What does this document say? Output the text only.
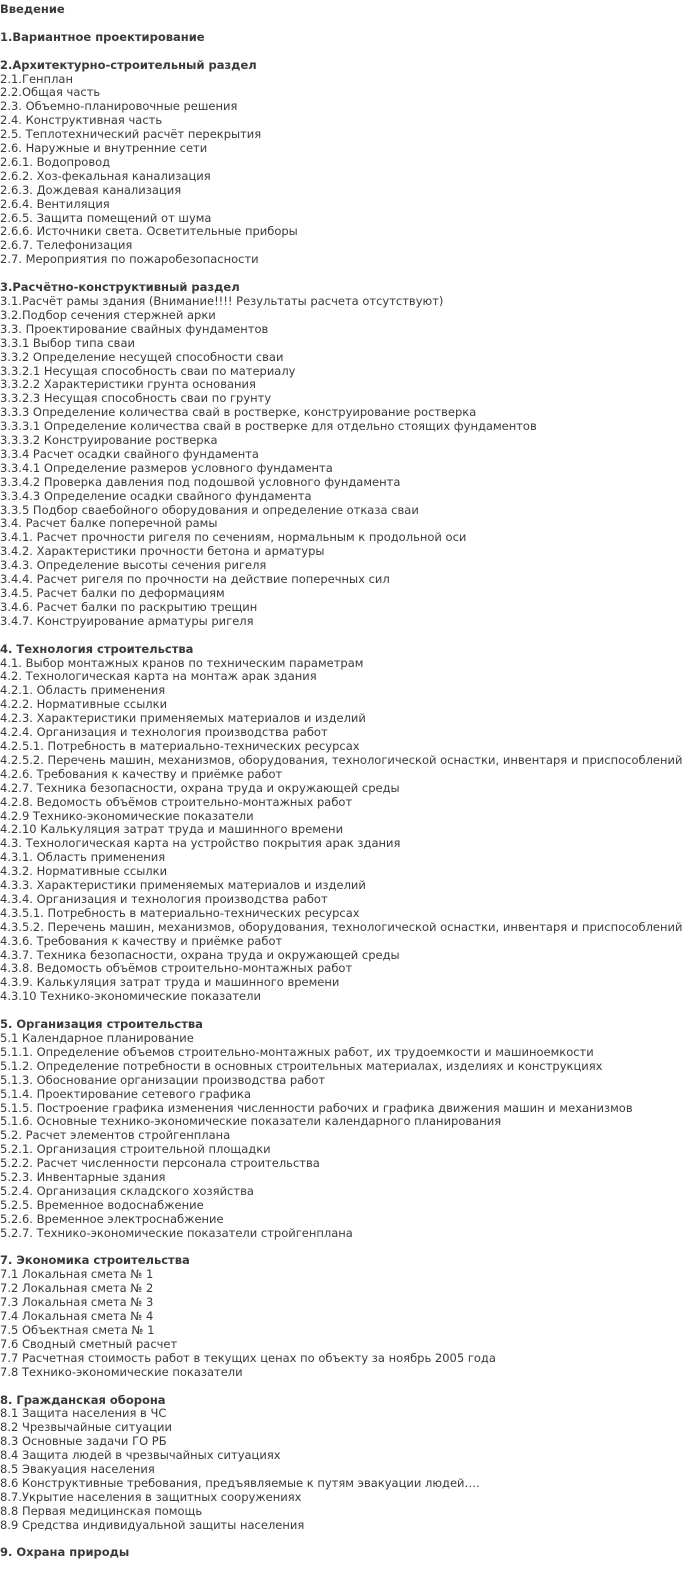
Введение
1.Вариантное проектирование
2.Архитектурно-строительный раздел
2.1.Генплан
2.2.Общая часть
2.3. Объемно-планировочные решения
2.4. Конструктивная часть
2.5. Теплотехнический расчёт перекрытия
2.6. Наружные и внутренние сети
2.6.1. Водопровод
2.6.2. Хоз-фекальная канализация
2.6.3. Дождевая канализация
2.6.4. Вентиляция
2.6.5. Защита помещений от шума
2.6.6. Источники света. Осветительные приборы
2.6.7. Телефонизация
2.7. Мероприятия по пожаробезопасности
3.Расчётно-конструктивный раздел
3.1.Расчёт рамы здания (Внимание!!!! Результаты расчета отсутствуют)
3.2.Подбор сечения стержней арки
3.3. Проектирование свайных фундаментов
3.3.1 Выбор типа сваи
3.3.2 Определение несущей способности сваи
3.3.2.1 Несущая способность сваи по материалу
3.3.2.2 Характеристики грунта основания
3.3.2.3 Несущая способность сваи по грунту
3.3.3 Определение количества свай в ростверке, конструирование ростверка
3.3.3.1 Определение количества свай в ростверке для отдельно стоящих фундаментов
3.3.3.2 Конструирование ростверка
3.3.4 Расчет осадки свайного фундамента
3.3.4.1 Определение размеров условного фундамента
3.3.4.2 Проверка давления под подошвой условного фундамента
3.3.4.3 Определение осадки свайного фундамента
3.3.5 Подбор сваебойного оборудования и определение отказа сваи
3.4. Расчет балке поперечной рамы
3.4.1. Расчет прочности ригеля по сечениям, нормальным к продольной оси
3.4.2. Характеристики прочности бетона и арматуры
3.4.3. Определение высоты сечения ригеля
3.4.4. Расчет ригеля по прочности на действие поперечных сил
3.4.5. Расчет балки по деформациям
3.4.6. Расчет балки по раскрытию трещин
3.4.7. Конструирование арматуры ригеля
4. Технология строительства
4.1. Выбор монтажных кранов по техническим параметрам
4.2. Технологическая карта на монтаж арак здания
4.2.1. Область применения
4.2.2. Нормативные ссылки
4.2.3. Характеристики применяемых материалов и изделий
4.2.4. Организация и технология производства работ
4.2.5.1. Потребность в материально-технических ресурсах
4.2.5.2. Перечень машин, механизмов, оборудования, технологической оснастки, инвентаря и приспособлений
4.2.6. Требования к качеству и приёмке работ
4.2.7. Техника безопасности, охрана труда и окружающей среды
4.2.8. Ведомость объёмов строительно-монтажных работ
4.2.9 Технико-экономические показатели
4.2.10 Калькуляция затрат труда и машинного времени
4.3. Технологическая карта на устройство покрытия арак здания
4.3.1. Область применения
4.3.2. Нормативные ссылки
4.3.3. Характеристики применяемых материалов и изделий
4.3.4. Организация и технология производства работ
4.3.5.1. Потребность в материально-технических ресурсах
4.3.5.2. Перечень машин, механизмов, оборудования, технологической оснастки, инвентаря и приспособлений
4.3.6. Требования к качеству и приёмке работ
4.3.7. Техника безопасности, охрана труда и окружающей среды
4.3.8. Ведомость объёмов строительно-монтажных работ
4.3.9. Калькуляция затрат труда и машинного времени
4.3.10 Технико-экономические показатели
5. Организация строительства
5.1 Календарное планирование
5.1.1. Определение объемов строительно-монтажных работ, их трудоемкости и машиноемкости
5.1.2. Определение потребности в основных строительных материалах, изделиях и конструкциях
5.1.3. Обоснование организации производства работ
5.1.4. Проектирование сетевого графика
5.1.5. Построение графика изменения численности рабочих и графика движения машин и механизмов
5.1.6. Основные технико-экономические показатели календарного планирования
5.2. Расчет элементов стройгенплана
5.2.1. Организация строительной площадки
5.2.2. Расчет численности персонала строительства
5.2.3. Инвентарные здания
5.2.4. Организация складского хозяйства
5.2.5. Временное водоснабжение
5.2.6. Временное электроснабжение
5.2.7. Технико-экономические показатели стройгенплана
7. Экономика строительства
7.1 Локальная смета № 1
7.2 Локальная смета № 2
7.3 Локальная смета № 3
7.4 Локальная смета № 4
7.5 Объектная смета № 1
7.6 Сводный сметный расчет
7.7 Расчетная стоимость работ в текущих ценах по объекту за ноябрь 2005 года
7.8 Технико-экономические показатели
8. Гражданская оборона
8.1 Защита населения в ЧС
8.2 Чрезвычайные ситуации
8.3 Основные задачи ГО РБ
8.4 Защита людей в чрезвычайных ситуациях
8.5 Эвакуация населения
8.6 Конструктивные требования, предъявляемые к путям эвакуации людей….
8.7.Укрытие населения в защитных сооружениях
8.8 Первая медицинская помощь
8.9 Средства индивидуальной защиты населения
9. Охрана природы
